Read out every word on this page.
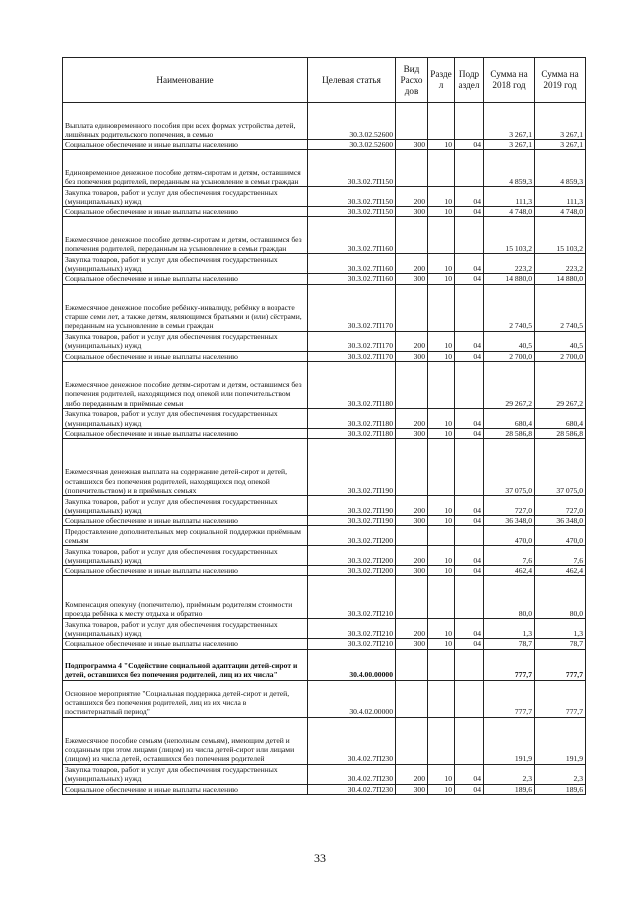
Наименование	Целевая статья	Вид Расхо дов	Разде л	Подр аздел	Сумма на 2018 год	Сумма на 2019 год
Выплата единовременного пособия при всех формах устройства детей, лишённых родительского попечения, в семью	30.3.02.52600				3 267,1	3 267,1
Социальное обеспечение и иные выплаты населению	30.3.02.52600	300	10	04	3 267,1	3 267,1
Единовременное денежное пособие детям-сиротам и детям, оставшимся без попечения родителей, переданным на усыновление в семьи граждан	30.3.02.7П150				4 859,3	4 859,3
Закупка товаров, работ и услуг для обеспечения государственных (муниципальных) нужд	30.3.02.7П150	200	10	04	111,3	111,3
Социальное обеспечение и иные выплаты населению	30.3.02.7П150	300	10	04	4 748,0	4 748,0
Ежемесячное денежное пособие детям-сиротам и детям, оставшимся без попечения родителей, переданным на усыновление в семьи граждан	30.3.02.7П160				15 103,2	15 103,2
Закупка товаров, работ и услуг для обеспечения государственных (муниципальных) нужд	30.3.02.7П160	200	10	04	223,2	223,2
Социальное обеспечение и иные выплаты населению	30.3.02.7П160	300	10	04	14 880,0	14 880,0
Ежемесячное денежное пособие ребёнку-инвалиду, ребёнку в возрасте старше семи лет, а также детям, являющимся братьями и (или) сёстрами, переданным на усыновление в семьи граждан	30.3.02.7П170				2 740,5	2 740,5
Закупка товаров, работ и услуг для обеспечения государственных (муниципальных) нужд	30.3.02.7П170	200	10	04	40,5	40,5
Социальное обеспечение и иные выплаты населению	30.3.02.7П170	300	10	04	2 700,0	2 700,0
Ежемесячное денежное пособие детям-сиротам и детям, оставшимся без попечения родителей, находящимся под опекой или попечительством либо переданным в приёмные семьи	30.3.02.7П180				29 267,2	29 267,2
Закупка товаров, работ и услуг для обеспечения государственных (муниципальных) нужд	30.3.02.7П180	200	10	04	680,4	680,4
Социальное обеспечение и иные выплаты населению	30.3.02.7П180	300	10	04	28 586,8	28 586,8
Ежемесячная денежная выплата на содержание детей-сирот и детей, оставшихся без попечения родителей, находящихся под опекой (попечительством) и в приёмных семьях	30.3.02.7П190				37 075,0	37 075,0
Закупка товаров, работ и услуг для обеспечения государственных (муниципальных) нужд	30.3.02.7П190	200	10	04	727,0	727,0
Социальное обеспечение и иные выплаты населению	30.3.02.7П190	300	10	04	36 348,0	36 348,0
Предоставление дополнительных мер социальной поддержки приёмным семьям	30.3.02.7П200				470,0	470,0
Закупка товаров, работ и услуг для обеспечения государственных (муниципальных) нужд	30.3.02.7П200	200	10	04	7,6	7,6
Социальное обеспечение и иные выплаты населению	30.3.02.7П200	300	10	04	462,4	462,4
Компенсация опекуну (попечителю), приёмным родителям стоимости проезда ребёнка к месту отдыха и обратно	30.3.02.7П210				80,0	80,0
Закупка товаров, работ и услуг для обеспечения государственных (муниципальных) нужд	30.3.02.7П210	200	10	04	1,3	1,3
Социальное обеспечение и иные выплаты населению	30.3.02.7П210	300	10	04	78,7	78,7
Подпрограмма 4 "Содействие социальной адаптации детей-сирот и детей, оставшихся без попечения родителей, лиц из их числа"	30.4.00.00000				777,7	777,7
Основное мероприятие "Социальная поддержка детей-сирот и детей, оставшихся без попечения родителей, лиц из их числа в постинтернатный период"	30.4.02.00000				777,7	777,7
Ежемесячное пособие семьям (неполным семьям), имеющим детей и созданным при этом лицами (лицом) из числа детей-сирот или лицами (лицом) из числа детей, оставшихся без попечения родителей	30.4.02.7П230				191,9	191,9
Закупка товаров, работ и услуг для обеспечения государственных (муниципальных) нужд	30.4.02.7П230	200	10	04	2,3	2,3
Социальное обеспечение и иные выплаты населению	30.4.02.7П230	300	10	04	189,6	189,6
33
